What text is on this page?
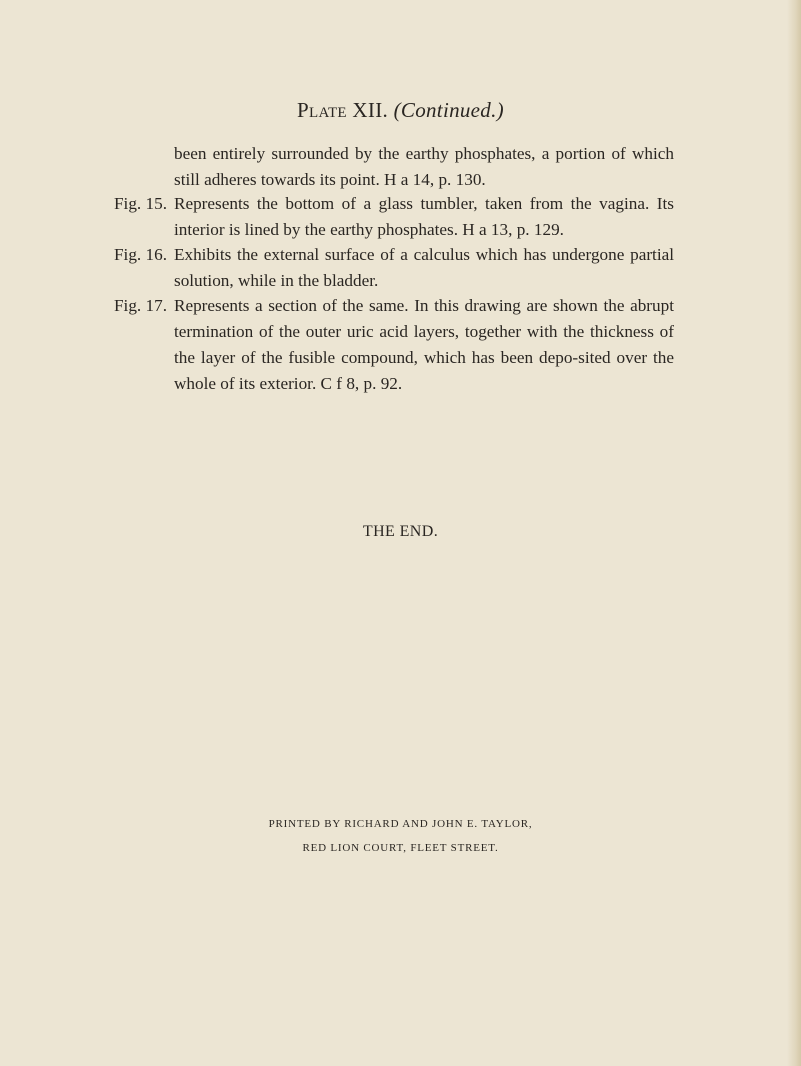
Plate XII. (Continued.)
been entirely surrounded by the earthy phosphates, a portion of which still adheres towards its point. H a 14, p. 130.
Fig. 15. Represents the bottom of a glass tumbler, taken from the vagina. Its interior is lined by the earthy phosphates. H a 13, p. 129.
Fig. 16. Exhibits the external surface of a calculus which has undergone partial solution, while in the bladder.
Fig. 17. Represents a section of the same. In this drawing are shown the abrupt termination of the outer uric acid layers, together with the thickness of the layer of the fusible compound, which has been depo-sited over the whole of its exterior. C f 8, p. 92.
THE END.
PRINTED BY RICHARD AND JOHN E. TAYLOR,
RED LION COURT, FLEET STREET.
